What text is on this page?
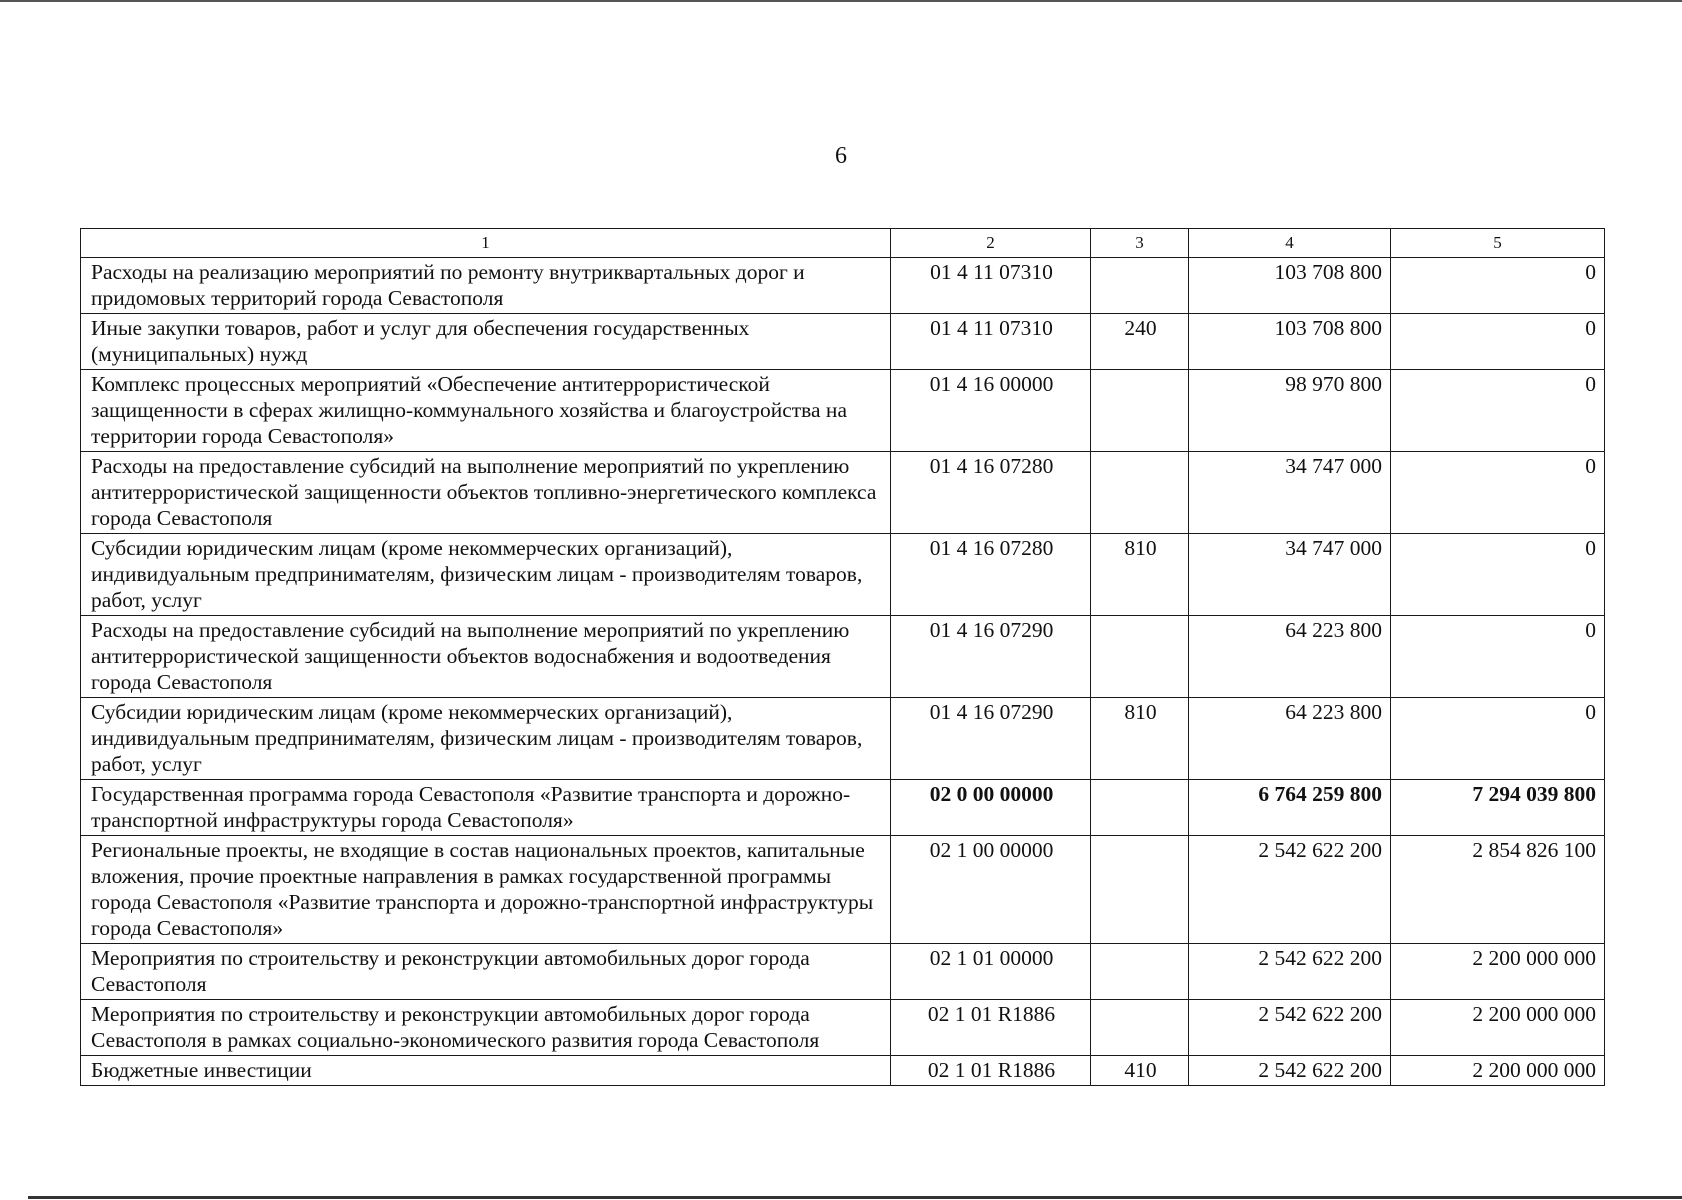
6
1	2	3	4	5
Расходы на реализацию мероприятий по ремонту внутриквартальных дорог и придомовых территорий города Севастополя	01 4 11 07310		103 708 800	0
Иные закупки товаров, работ и услуг для обеспечения государственных (муниципальных) нужд	01 4 11 07310	240	103 708 800	0
Комплекс процессных мероприятий «Обеспечение антитеррористической защищенности в сферах жилищно-коммунального хозяйства и благоустройства на территории города Севастополя»	01 4 16 00000		98 970 800	0
Расходы на предоставление субсидий на выполнение мероприятий по укреплению антитеррористической защищенности объектов топливно-энергетического комплекса города Севастополя	01 4 16 07280		34 747 000	0
Субсидии юридическим лицам (кроме некоммерческих организаций), индивидуальным предпринимателям, физическим лицам - производителям товаров, работ, услуг	01 4 16 07280	810	34 747 000	0
Расходы на предоставление субсидий на выполнение мероприятий по укреплению антитеррористической защищенности объектов водоснабжения и водоотведения города Севастополя	01 4 16 07290		64 223 800	0
Субсидии юридическим лицам (кроме некоммерческих организаций), индивидуальным предпринимателям, физическим лицам - производителям товаров, работ, услуг	01 4 16 07290	810	64 223 800	0
Государственная программа города Севастополя «Развитие транспорта и дорожно-транспортной инфраструктуры города Севастополя»	02 0 00 00000		6 764 259 800	7 294 039 800
Региональные проекты, не входящие в состав национальных проектов, капитальные вложения, прочие проектные направления в рамках государственной программы города Севастополя «Развитие транспорта и дорожно-транспортной инфраструктуры города Севастополя»	02 1 00 00000		2 542 622 200	2 854 826 100
Мероприятия по строительству и реконструкции автомобильных дорог города Севастополя	02 1 01 00000		2 542 622 200	2 200 000 000
Мероприятия по строительству и реконструкции автомобильных дорог города Севастополя в рамках социально-экономического развития города Севастополя	02 1 01 R1886		2 542 622 200	2 200 000 000
Бюджетные инвестиции	02 1 01 R1886	410	2 542 622 200	2 200 000 000
